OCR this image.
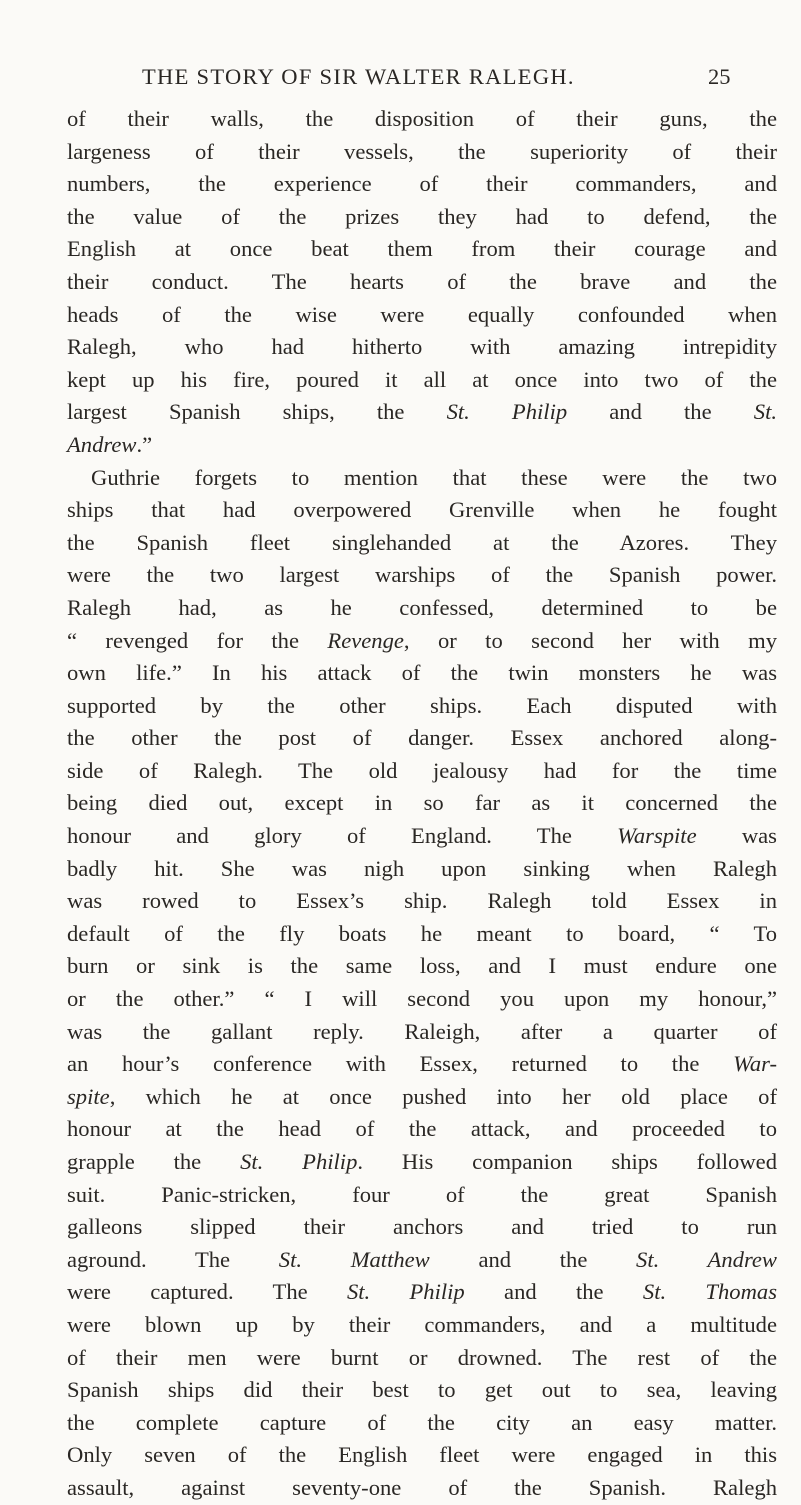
THE STORY OF SIR WALTER RALEGH.	25
of their walls, the disposition of their guns, the
largeness of their vessels, the superiority of their
numbers, the experience of their commanders, and
the value of the prizes they had to defend, the
English at once beat them from their courage and
their conduct. The hearts of the brave and the
heads of the wise were equally confounded when
Ralegh, who had hitherto with amazing intrepidity
kept up his fire, poured it all at once into two of the
largest Spanish ships, the St. Philip and the St.
Andrew.”
Guthrie forgets to mention that these were the two
ships that had overpowered Grenville when he fought
the Spanish fleet singlehanded at the Azores. They
were the two largest warships of the Spanish power.
Ralegh had, as he confessed, determined to be
“ revenged for the Revenge, or to second her with my
own life.” In his attack of the twin monsters he was
supported by the other ships. Each disputed with
the other the post of danger. Essex anchored along-
side of Ralegh. The old jealousy had for the time
being died out, except in so far as it concerned the
honour and glory of England. The Warspite was
badly hit. She was nigh upon sinking when Ralegh
was rowed to Essex’s ship. Ralegh told Essex in
default of the fly boats he meant to board, “ To
burn or sink is the same loss, and I must endure one
or the other.” “ I will second you upon my honour,”
was the gallant reply. Raleigh, after a quarter of
an hour’s conference with Essex, returned to the War-
spite, which he at once pushed into her old place of
honour at the head of the attack, and proceeded to
grapple the St. Philip. His companion ships followed
suit. Panic-stricken, four of the great Spanish
galleons slipped their anchors and tried to run
aground. The St. Matthew and the St. Andrew
were captured. The St. Philip and the St. Thomas
were blown up by their commanders, and a multitude
of their men were burnt or drowned. The rest of the
Spanish ships did their best to get out to sea, leaving
the complete capture of the city an easy matter.
Only seven of the English fleet were engaged in this
assault, against seventy-one of the Spanish. Ralegh
